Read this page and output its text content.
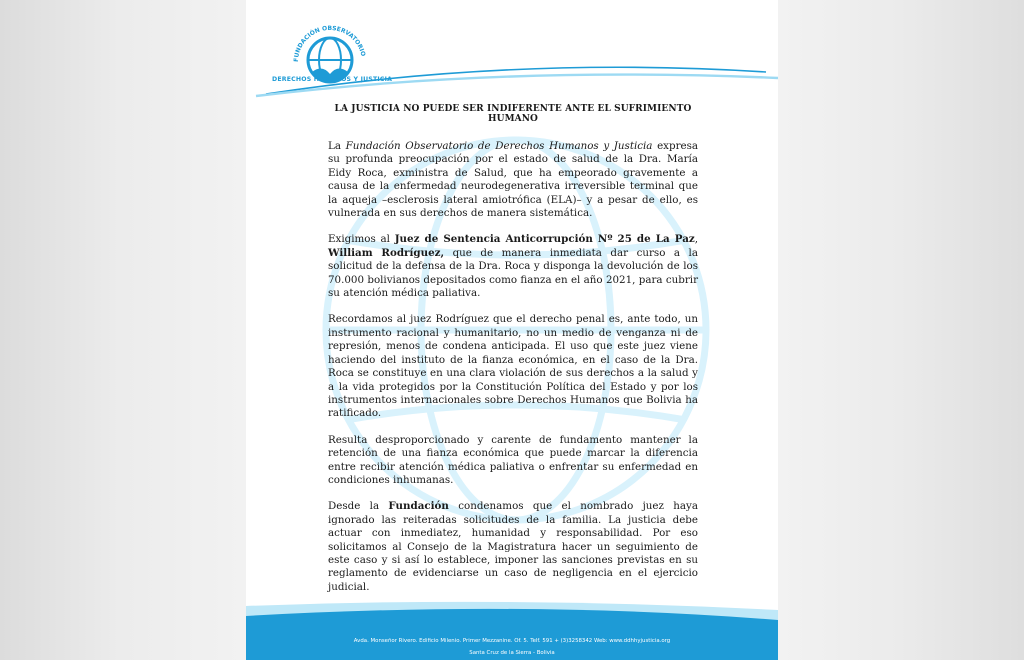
FUNDACIÓN OBSERVATORIO
DERECHOS HUMANOS Y JUSTICIA
LA JUSTICIA NO PUEDE SER INDIFERENTE ANTE EL SUFRIMIENTO HUMANO

La Fundación Observatorio de Derechos Humanos y Justicia expresa su profunda preocupación por el estado de salud de la Dra. María Eidy Roca, exministra de Salud, que ha empeorado gravemente a causa de la enfermedad neurodegenerativa irreversible terminal que la aqueja –esclerosis lateral amiotrófica (ELA)– y a pesar de ello, es vulnerada en sus derechos de manera sistemática.

Exigimos al Juez de Sentencia Anticorrupción Nº 25 de La Paz, William Rodríguez, que de manera inmediata dar curso a la solicitud de la defensa de la Dra. Roca y disponga la devolución de los 70.000 bolivianos depositados como fianza en el año 2021, para cubrir su atención médica paliativa.

Recordamos al juez Rodríguez que el derecho penal es, ante todo, un instrumento racional y humanitario, no un medio de venganza ni de represión, menos de condena anticipada. El uso que este juez viene haciendo del instituto de la fianza económica, en el caso de la Dra. Roca se constituye en una clara violación de sus derechos a la salud y a la vida protegidos por la Constitución Política del Estado y por los instrumentos internacionales sobre Derechos Humanos que Bolivia ha ratificado.

Resulta desproporcionado y carente de fundamento mantener la retención de una fianza económica que puede marcar la diferencia entre recibir atención médica paliativa o enfrentar su enfermedad en condiciones inhumanas.

Desde la Fundación condenamos que el nombrado juez haya ignorado las reiteradas solicitudes de la familia. La justicia debe actuar con inmediatez, humanidad y responsabilidad. Por eso solicitamos al Consejo de la Magistratura hacer un seguimiento de este caso y si así lo establece, imponer las sanciones previstas en su reglamento de evidenciarse un caso de negligencia en el ejercicio judicial.

Avda. Monseñor Rivero. Edificio Milenio. Primer Mezzanine. Of. 5. Telf. 591 + (3)3258342 Web: www.ddhhyjusticia.org
Santa Cruz de la Sierra - Bolivia
